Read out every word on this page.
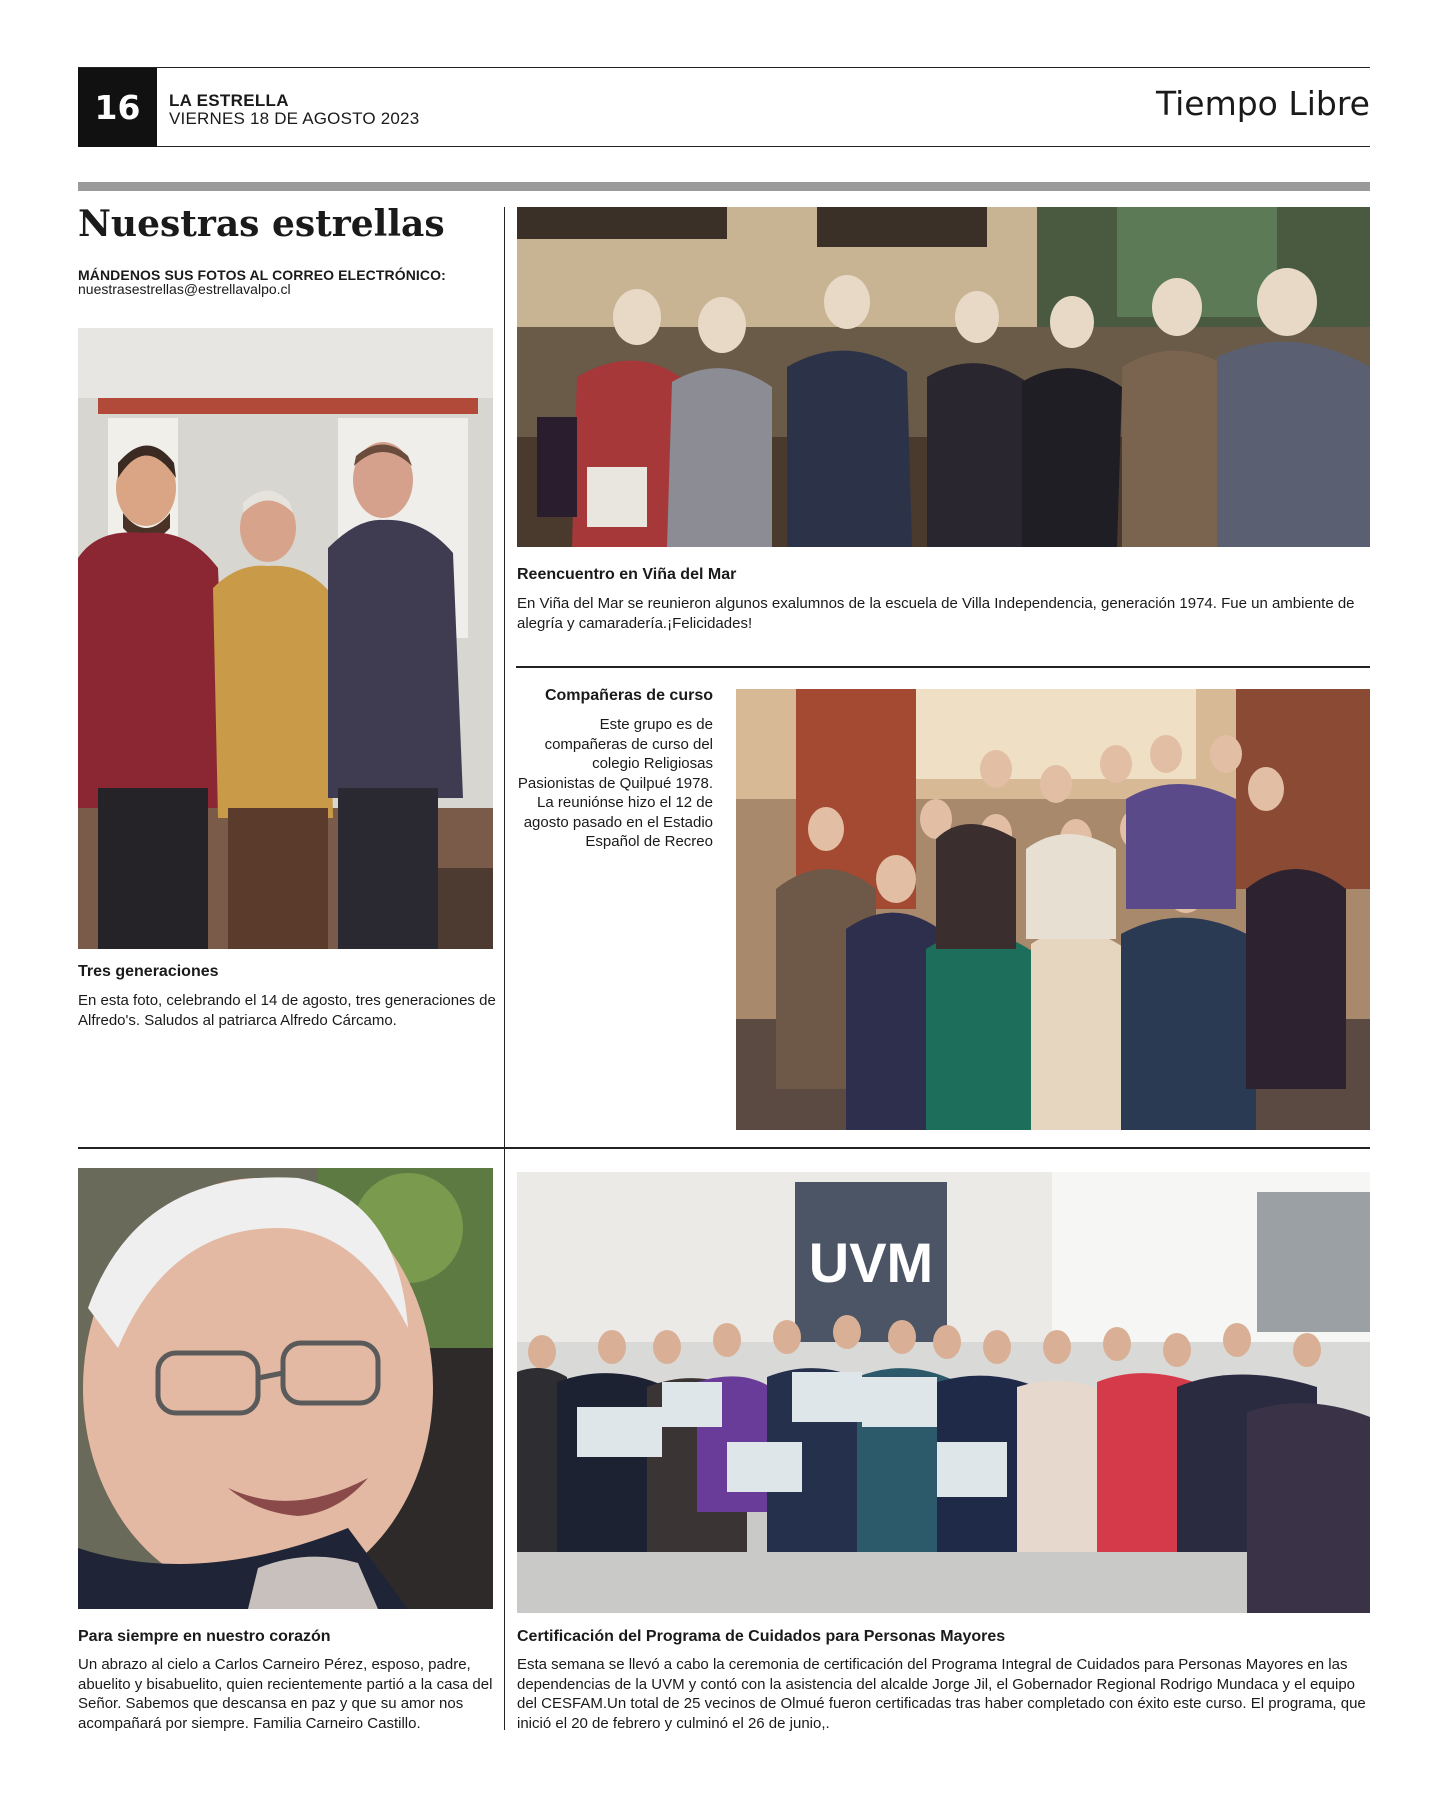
16	LA ESTRELLA
VIERNES 18 DE AGOSTO 2023	Tiempo Libre
Nuestras estrellas
MÁNDENOS SUS FOTOS AL CORREO ELECTRÓNICO:
nuestrasestrellas@estrellavalpo.cl
Tres generaciones
En esta foto, celebrando el 14 de agosto, tres generaciones de Alfredo's. Saludos al patriarca Alfredo Cárcamo.
Reencuentro en Viña del Mar
En Viña del Mar se reunieron algunos exalumnos de la escuela de Villa Independencia, generación 1974. Fue un ambiente de alegría y camaradería.¡Felicidades!
Compañeras de curso
Este grupo es de compañeras de curso del colegio Religiosas Pasionistas de Quilpué 1978. La reuniónse hizo el 12 de agosto pasado en el Estadio Español de Recreo
Para siempre en nuestro corazón
Un abrazo al cielo a Carlos Carneiro Pérez, esposo, padre, abuelito y bisabuelito, quien recientemente partió a la casa del Señor. Sabemos que descansa en paz y que su amor nos acompañará por siempre. Familia Carneiro Castillo.
UVM
Certificación del Programa de Cuidados para Personas Mayores
Esta semana se llevó a cabo la ceremonia de certificación del Programa Integral de Cuidados para Personas Mayores en las dependencias de la UVM y contó con la asistencia del alcalde Jorge Jil, el Gobernador Regional Rodrigo Mundaca y el equipo del CESFAM.Un total de 25 vecinos de Olmué fueron certificadas tras haber completado con éxito este curso. El programa, que inició el 20 de febrero y culminó el 26 de junio,.
